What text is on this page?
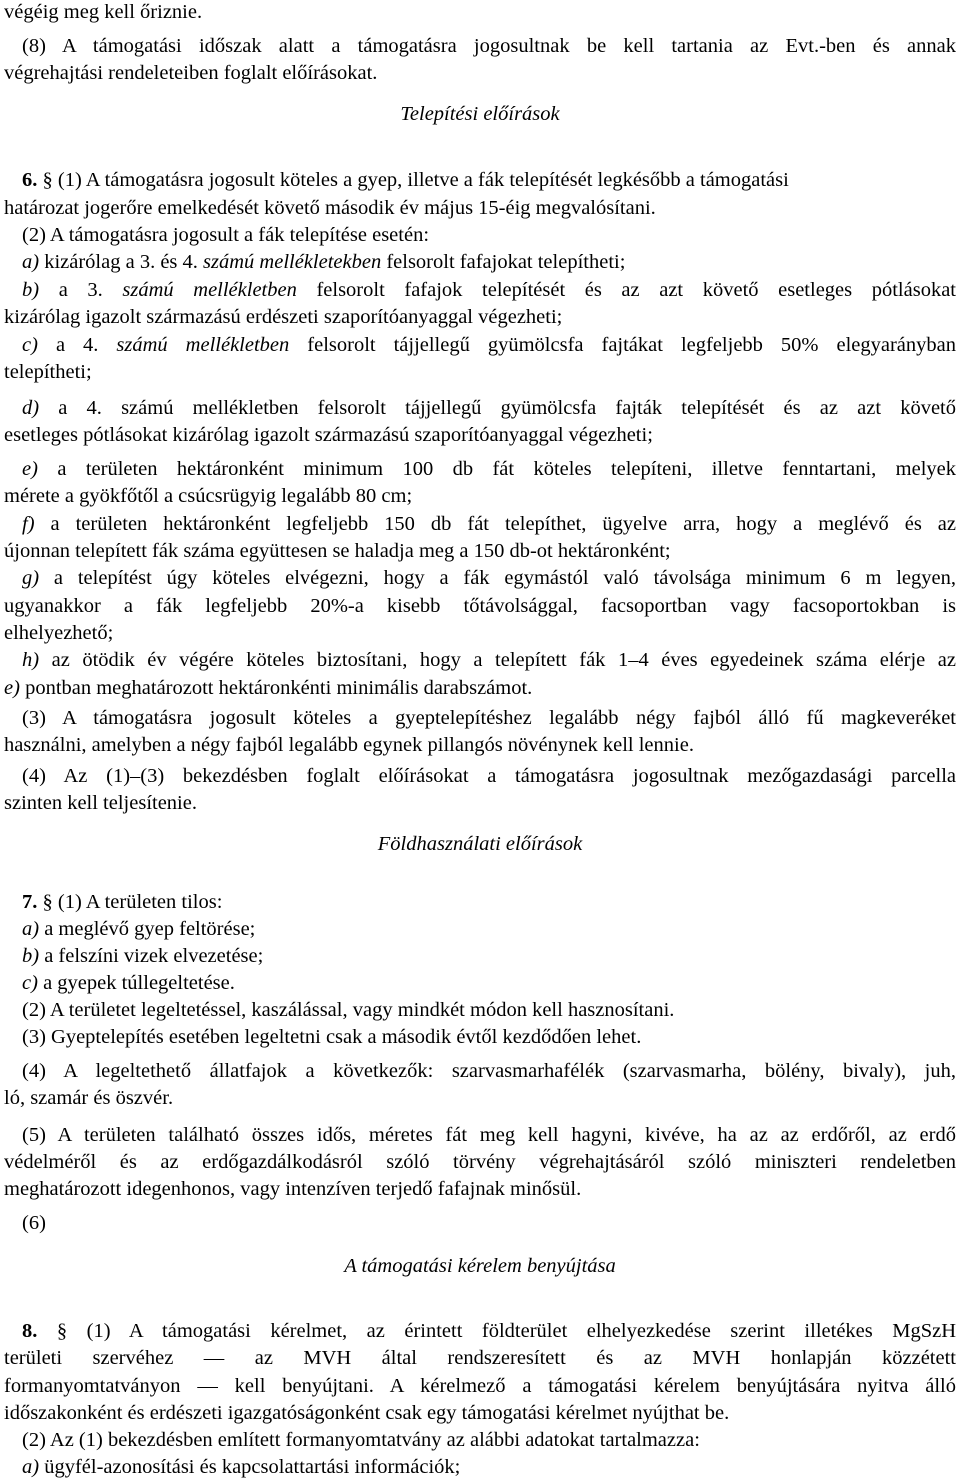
végéig meg kell őriznie.
(8) A támogatási időszak alatt a támogatásra jogosultnak be kell tartania az Evt.-ben és annak
végrehajtási rendeleteiben foglalt előírásokat.
Telepítési előírások
6. § (1) A támogatásra jogosult köteles a gyep, illetve a fák telepítését legkésőbb a támogatási
határozat jogerőre emelkedését követő második év május 15-éig megvalósítani.
(2) A támogatásra jogosult a fák telepítése esetén:
a) kizárólag a 3. és 4. számú mellékletekben felsorolt fafajokat telepítheti;
b) a 3. számú mellékletben felsorolt fafajok telepítését és az azt követő esetleges pótlásokat
kizárólag igazolt származású erdészeti szaporítóanyaggal végezheti;
c) a 4. számú mellékletben felsorolt tájjellegű gyümölcsfa fajtákat legfeljebb 50% elegyarányban
telepítheti;
d) a 4. számú mellékletben felsorolt tájjellegű gyümölcsfa fajták telepítését és az azt követő
esetleges pótlásokat kizárólag igazolt származású szaporítóanyaggal végezheti;
e) a területen hektáronként minimum 100 db fát köteles telepíteni, illetve fenntartani, melyek
mérete a gyökfőtől a csúcsrügyig legalább 80 cm;
f) a területen hektáronként legfeljebb 150 db fát telepíthet, ügyelve arra, hogy a meglévő és az
újonnan telepített fák száma együttesen se haladja meg a 150 db-ot hektáronként;
g) a telepítést úgy köteles elvégezni, hogy a fák egymástól való távolsága minimum 6 m legyen,
ugyanakkor a fák legfeljebb 20%-a kisebb tőtávolsággal, facsoportban vagy facsoportokban is
elhelyezhető;
h) az ötödik év végére köteles biztosítani, hogy a telepített fák 1–4 éves egyedeinek száma elérje az
e) pontban meghatározott hektáronkénti minimális darabszámot.
(3) A támogatásra jogosult köteles a gyeptelepítéshez legalább négy fajból álló fű magkeveréket
használni, amelyben a négy fajból legalább egynek pillangós növénynek kell lennie.
(4) Az (1)–(3) bekezdésben foglalt előírásokat a támogatásra jogosultnak mezőgazdasági parcella
szinten kell teljesítenie.
Földhasználati előírások
7. § (1) A területen tilos:
a) a meglévő gyep feltörése;
b) a felszíni vizek elvezetése;
c) a gyepek túllegeltetése.
(2) A területet legeltetéssel, kaszálással, vagy mindkét módon kell hasznosítani.
(3) Gyeptelepítés esetében legeltetni csak a második évtől kezdődően lehet.
(4) A legeltethető állatfajok a következők: szarvasmarhafélék (szarvasmarha, bölény, bivaly), juh,
ló, szamár és öszvér.
(5) A területen található összes idős, méretes fát meg kell hagyni, kivéve, ha az az erdőről, az erdő
védelméről és az erdőgazdálkodásról szóló törvény végrehajtásáról szóló miniszteri rendeletben
meghatározott idegenhonos, vagy intenzíven terjedő fafajnak minősül.
(6)
A támogatási kérelem benyújtása
8. § (1) A támogatási kérelmet, az érintett földterület elhelyezkedése szerint illetékes MgSzH
területi szervéhez — az MVH által rendszeresített és az MVH honlapján közzétett
formanyomtatványon — kell benyújtani. A kérelmező a támogatási kérelem benyújtására nyitva álló
időszakonként és erdészeti igazgatóságonként csak egy támogatási kérelmet nyújthat be.
(2) Az (1) bekezdésben említett formanyomtatvány az alábbi adatokat tartalmazza:
a) ügyfél-azonosítási és kapcsolattartási információk;
